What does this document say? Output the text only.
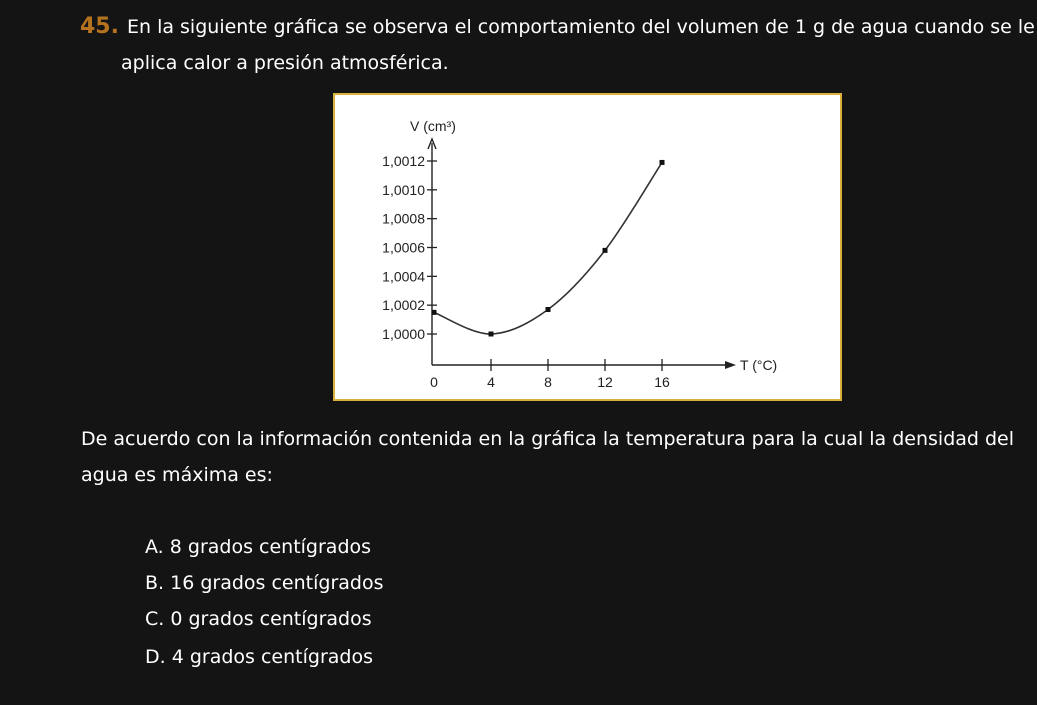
45. En la siguiente gráfica se observa el comportamiento del volumen de 1 g de agua cuando se le
aplica calor a presión atmosférica.
V (cm³)
T (°C)
1,0000
1,0002
1,0004
1,0006
1,0008
1,0010
1,0012
0	4	8	12	16
De acuerdo con la información contenida en la gráfica la temperatura para la cual la densidad del
agua es máxima es:
A. 8 grados centígrados
B. 16 grados centígrados
C. 0 grados centígrados
D. 4 grados centígrados
